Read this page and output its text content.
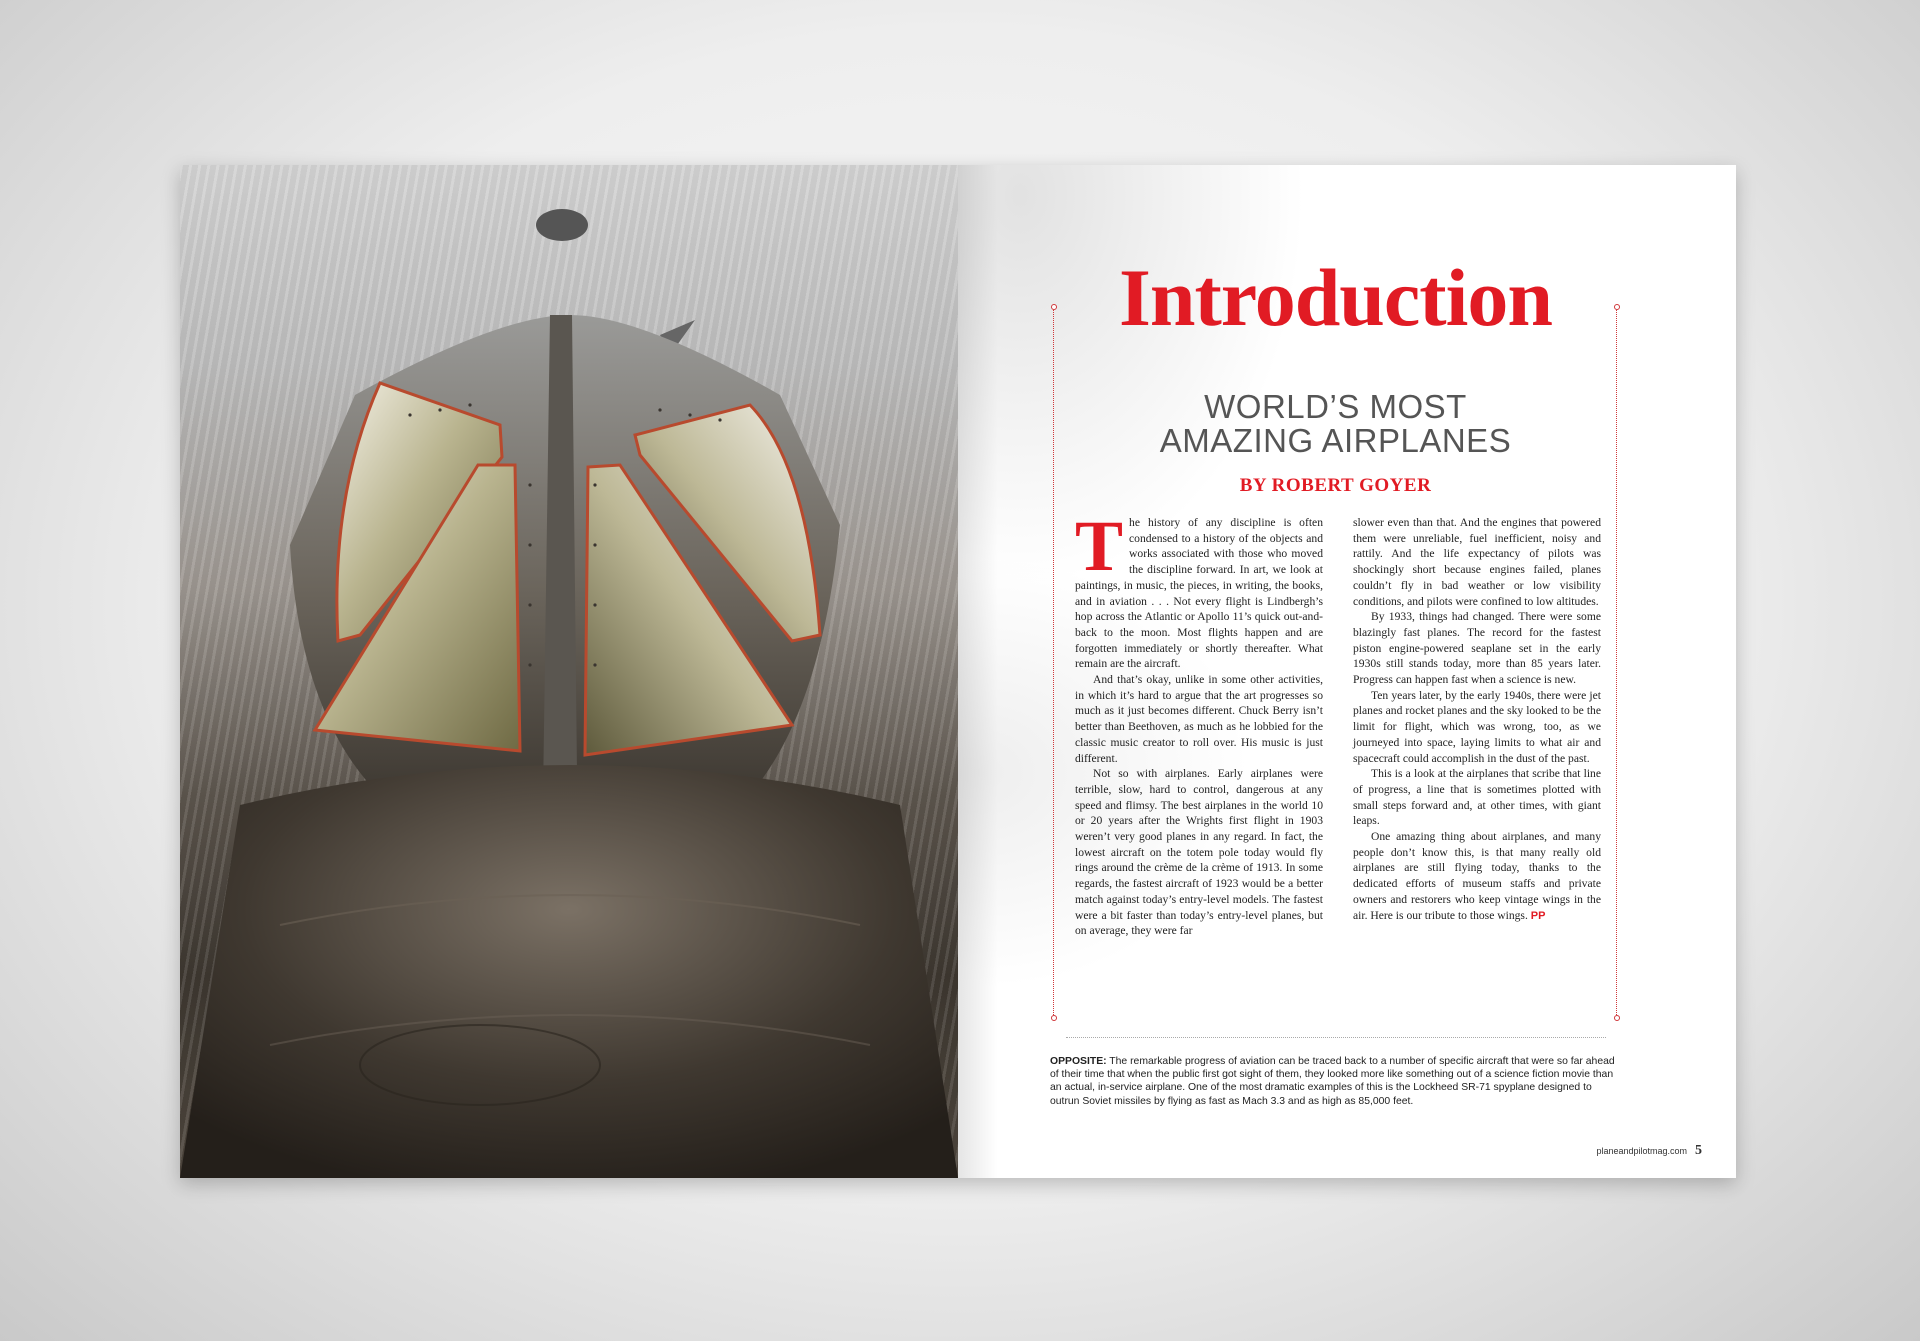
Introduction
WORLD’S MOST
AMAZING AIRPLANES
BY ROBERT GOYER

The history of any discipline is often condensed to a history of the objects and works associated with those who moved the discipline forward. In art, we look at paintings, in music, the pieces, in writing, the books, and in aviation . . . Not every flight is Lindbergh’s hop across the Atlantic or Apollo 11’s quick out-and-back to the moon. Most flights happen and are forgotten immediately or shortly thereafter. What remain are the aircraft.

And that’s okay, unlike in some other activities, in which it’s hard to argue that the art progresses so much as it just becomes different. Chuck Berry isn’t better than Beethoven, as much as he lobbied for the classic music creator to roll over. His music is just different.

Not so with airplanes. Early airplanes were terrible, slow, hard to control, dangerous at any speed and flimsy. The best airplanes in the world 10 or 20 years after the Wrights first flight in 1903 weren’t very good planes in any regard. In fact, the lowest aircraft on the totem pole today would fly rings around the crème de la crème of 1913. In some regards, the fastest aircraft of 1923 would be a better match against today’s entry-level models. The fastest were a bit faster than today’s entry-level planes, but on average, they were far

slower even than that. And the engines that powered them were unreliable, fuel inefficient, noisy and rattily. And the life expectancy of pilots was shockingly short because engines failed, planes couldn’t fly in bad weather or low visibility conditions, and pilots were confined to low altitudes.

By 1933, things had changed. There were some blazingly fast planes. The record for the fastest piston engine-powered seaplane set in the early 1930s still stands today, more than 85 years later. Progress can happen fast when a science is new.

Ten years later, by the early 1940s, there were jet planes and rocket planes and the sky looked to be the limit for flight, which was wrong, too, as we journeyed into space, laying limits to what air and spacecraft could accomplish in the dust of the past.

This is a look at the airplanes that scribe that line of progress, a line that is sometimes plotted with small steps forward and, at other times, with giant leaps.

One amazing thing about airplanes, and many people don’t know this, is that many really old airplanes are still flying today, thanks to the dedicated efforts of museum staffs and private owners and restorers who keep vintage wings in the air. Here is our tribute to those wings. PP

OPPOSITE: The remarkable progress of aviation can be traced back to a number of specific aircraft that were so far ahead of their time that when the public first got sight of them, they looked more like something out of a science fiction movie than an actual, in-service airplane. One of the most dramatic examples of this is the Lockheed SR-71 spyplane designed to outrun Soviet missiles by flying as fast as Mach 3.3 and as high as 85,000 feet.
planeandpilotmag.com 5
